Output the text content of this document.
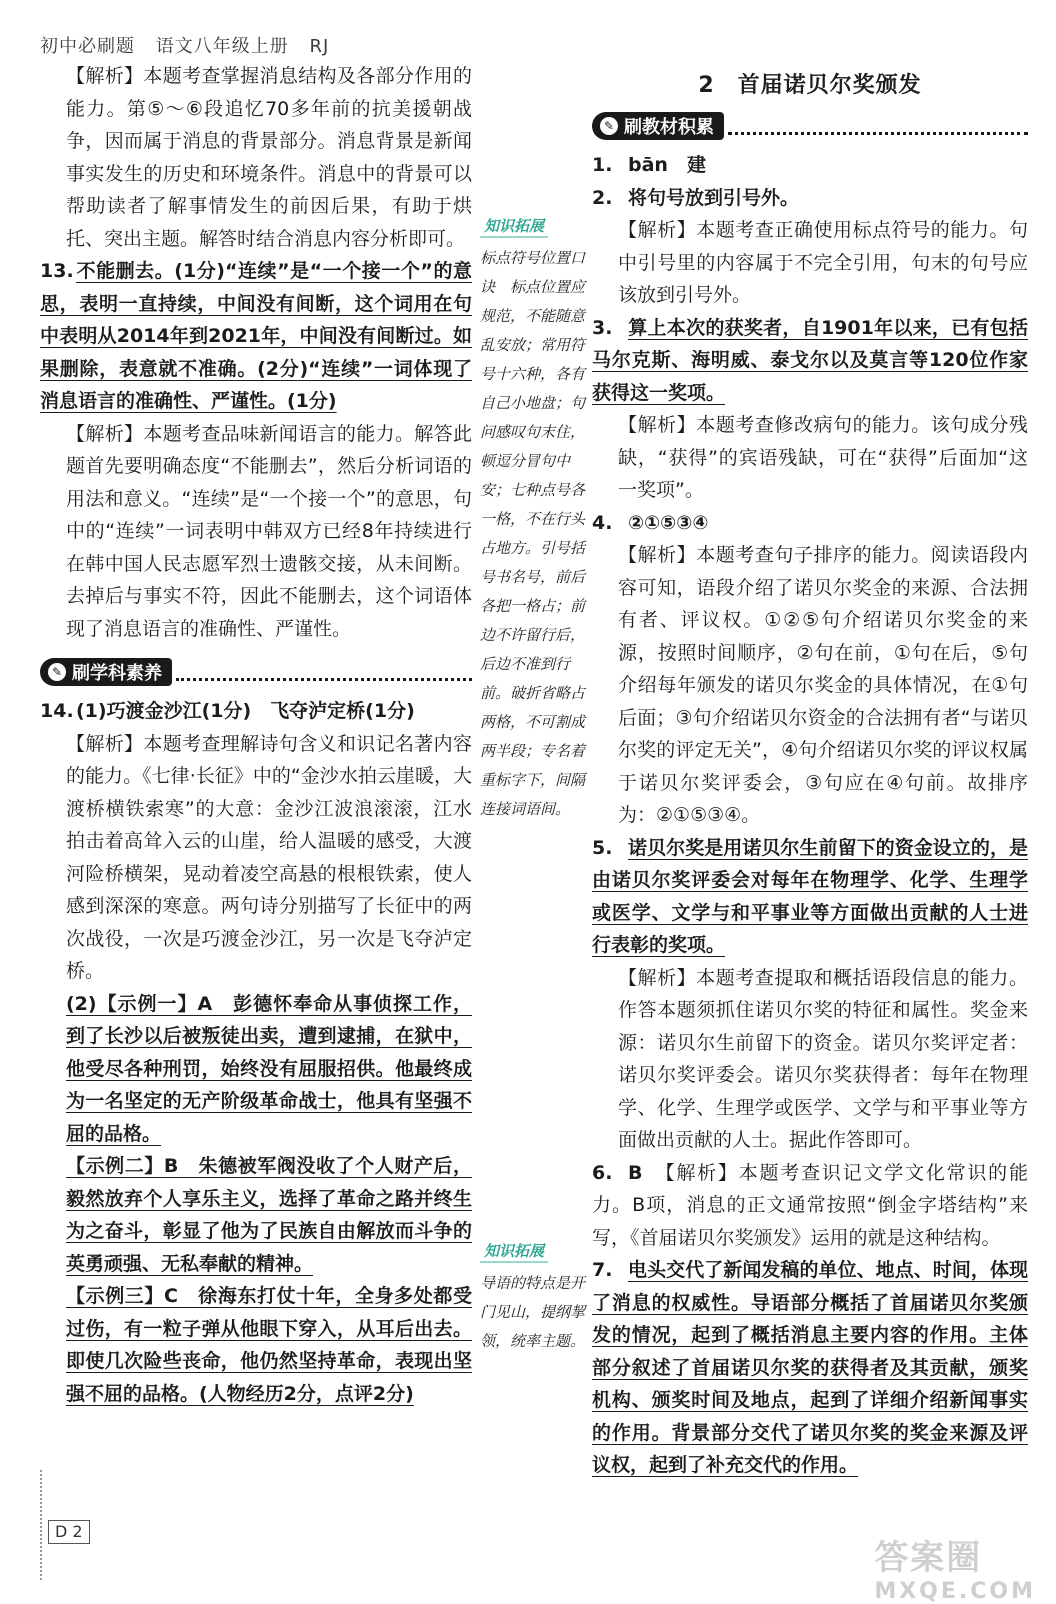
初中必刷题 语文八年级上册 RJ

【解析】本题考查掌握消息结构及各部分作用的能力。第⑤～⑥段追忆70多年前的抗美援朝战争，因而属于消息的背景部分。消息背景是新闻事实发生的历史和环境条件。消息中的背景可以帮助读者了解事情发生的前因后果，有助于烘托、突出主题。解答时结合消息内容分析即可。

13. 不能删去。(1分)“连续”是“一个接一个”的意思，表明一直持续，中间没有间断，这个词用在句中表明从2014年到2021年，中间没有间断过。如果删除，表意就不准确。(2分)“连续”一词体现了消息语言的准确性、严谨性。(1分)

【解析】本题考查品味新闻语言的能力。解答此题首先要明确态度“不能删去”，然后分析词语的用法和意义。“连续”是“一个接一个”的意思，句中的“连续”一词表明中韩双方已经8年持续进行在韩中国人民志愿军烈士遗骸交接，从未间断。去掉后与事实不符，因此不能删去，这个词语体现了消息语言的准确性、严谨性。

✎ 刷学科素养

14. (1)巧渡金沙江(1分)　飞夺泸定桥(1分)

【解析】本题考查理解诗句含义和识记名著内容的能力。《七律·长征》中的“金沙水拍云崖暖，大渡桥横铁索寒”的大意：金沙江波浪滚滚，江水拍击着高耸入云的山崖，给人温暖的感受，大渡河险桥横架，晃动着凌空高悬的根根铁索，使人感到深深的寒意。两句诗分别描写了长征中的两次战役，一次是巧渡金沙江，另一次是飞夺泸定桥。

(2)【示例一】A　彭德怀奉命从事侦探工作，到了长沙以后被叛徒出卖，遭到逮捕，在狱中，他受尽各种刑罚，始终没有屈服招供。他最终成为一名坚定的无产阶级革命战士，他具有坚强不屈的品格。

【示例二】B　朱德被军阀没收了个人财产后，毅然放弃个人享乐主义，选择了革命之路并终生为之奋斗，彰显了他为了民族自由解放而斗争的英勇顽强、无私奉献的精神。

【示例三】C　徐海东打仗十年，全身多处都受过伤，有一粒子弹从他眼下穿入，从耳后出去。即使几次险些丧命，他仍然坚持革命，表现出坚强不屈的品格。(人物经历2分，点评2分)

知识拓展

标点符号位置口诀　标点位置应规范，不能随意乱安放；常用符号十六种，各有自己小地盘；句问感叹句末住，顿逗分冒句中安；七种点号各一格，不在行头占地方。引号括号书名号，前后各把一格占；前边不许留行后，后边不准到行前。破折省略占两格，不可割成两半段；专名着重标字下，间隔连接词语间。

知识拓展

导语的特点是开门见山，提纲挈领，统率主题。

2　首届诺贝尔奖颁发
✎ 刷教材积累

1. bān　建

2. 将句号放到引号外。

【解析】本题考查正确使用标点符号的能力。句中引号里的内容属于不完全引用，句末的句号应该放到引号外。

3. 算上本次的获奖者，自1901年以来，已有包括马尔克斯、海明威、泰戈尔以及莫言等120位作家获得这一奖项。

【解析】本题考查修改病句的能力。该句成分残缺，“获得”的宾语残缺，可在“获得”后面加“这一奖项”。

4. ②①⑤③④

【解析】本题考查句子排序的能力。阅读语段内容可知，语段介绍了诺贝尔奖金的来源、合法拥有者、评议权。①②⑤句介绍诺贝尔奖金的来源，按照时间顺序，②句在前，①句在后，⑤句介绍每年颁发的诺贝尔奖金的具体情况，在①句后面；③句介绍诺贝尔资金的合法拥有者“与诺贝尔奖的评定无关”，④句介绍诺贝尔奖的评议权属于诺贝尔奖评委会，③句应在④句前。故排序为：②①⑤③④。

5. 诺贝尔奖是用诺贝尔生前留下的资金设立的，是由诺贝尔奖评委会对每年在物理学、化学、生理学或医学、文学与和平事业等方面做出贡献的人士进行表彰的奖项。

【解析】本题考查提取和概括语段信息的能力。作答本题须抓住诺贝尔奖的特征和属性。奖金来源：诺贝尔生前留下的资金。诺贝尔奖评定者：诺贝尔奖评委会。诺贝尔奖获得者：每年在物理学、化学、生理学或医学、文学与和平事业等方面做出贡献的人士。据此作答即可。

6. B　 【解析】本题考查识记文学文化常识的能力。B项，消息的正文通常按照“倒金字塔结构”来写，《首届诺贝尔奖颁发》运用的就是这种结构。

7. 电头交代了新闻发稿的单位、地点、时间，体现了消息的权威性。导语部分概括了首届诺贝尔奖颁发的情况，起到了概括消息主要内容的作用。主体部分叙述了首届诺贝尔奖的获得者及其贡献，颁奖机构、颁奖时间及地点，起到了详细介绍新闻事实的作用。背景部分交代了诺贝尔奖的奖金来源及评议权，起到了补充交代的作用。

D 2
答案圈
MXQE.COM
